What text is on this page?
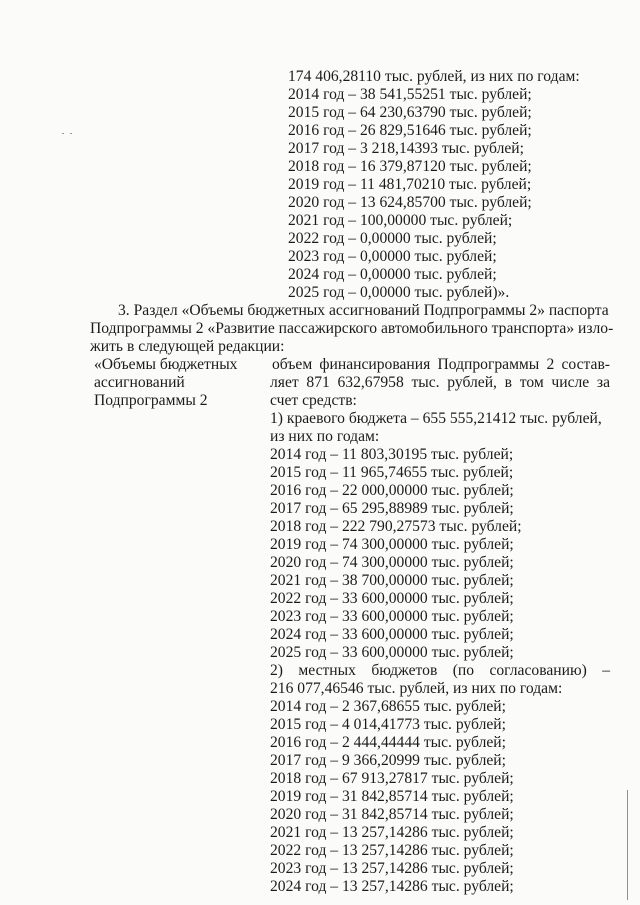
174 406,28110 тыс. рублей, из них по годам:
2014 год – 38 541,55251 тыс. рублей;
2015 год – 64 230,63790 тыс. рублей;
2016 год – 26 829,51646 тыс. рублей;
2017 год – 3 218,14393 тыс. рублей;
2018 год – 16 379,87120 тыс. рублей;
2019 год – 11 481,70210 тыс. рублей;
2020 год – 13 624,85700 тыс. рублей;
2021 год – 100,00000 тыс. рублей;
2022 год – 0,00000 тыс. рублей;
2023 год – 0,00000 тыс. рублей;
2024 год – 0,00000 тыс. рублей;
2025 год – 0,00000 тыс. рублей)».
3. Раздел «Объемы бюджетных ассигнований Подпрограммы 2» паспорта
Подпрограммы 2 «Развитие пассажирского автомобильного транспорта» изло-
жить в следующей редакции:
«Объемы бюджетных
ассигнований
Подпрограммы 2
объем финансирования Подпрограммы 2 состав-
ляет 871 632,67958 тыс. рублей, в том числе за
счет средств:
1) краевого бюджета – 655 555,21412 тыс. рублей,
из них по годам:
2014 год – 11 803,30195 тыс. рублей;
2015 год – 11 965,74655 тыс. рублей;
2016 год – 22 000,00000 тыс. рублей;
2017 год – 65 295,88989 тыс. рублей;
2018 год – 222 790,27573 тыс. рублей;
2019 год – 74 300,00000 тыс. рублей;
2020 год – 74 300,00000 тыс. рублей;
2021 год – 38 700,00000 тыс. рублей;
2022 год – 33 600,00000 тыс. рублей;
2023 год – 33 600,00000 тыс. рублей;
2024 год – 33 600,00000 тыс. рублей;
2025 год – 33 600,00000 тыс. рублей;
2) местных бюджетов (по согласованию) –
216 077,46546 тыс. рублей, из них по годам:
2014 год – 2 367,68655 тыс. рублей;
2015 год – 4 014,41773 тыс. рублей;
2016 год – 2 444,44444 тыс. рублей;
2017 год – 9 366,20999 тыс. рублей;
2018 год – 67 913,27817 тыс. рублей;
2019 год – 31 842,85714 тыс. рублей;
2020 год – 31 842,85714 тыс. рублей;
2021 год – 13 257,14286 тыс. рублей;
2022 год – 13 257,14286 тыс. рублей;
2023 год – 13 257,14286 тыс. рублей;
2024 год – 13 257,14286 тыс. рублей;
